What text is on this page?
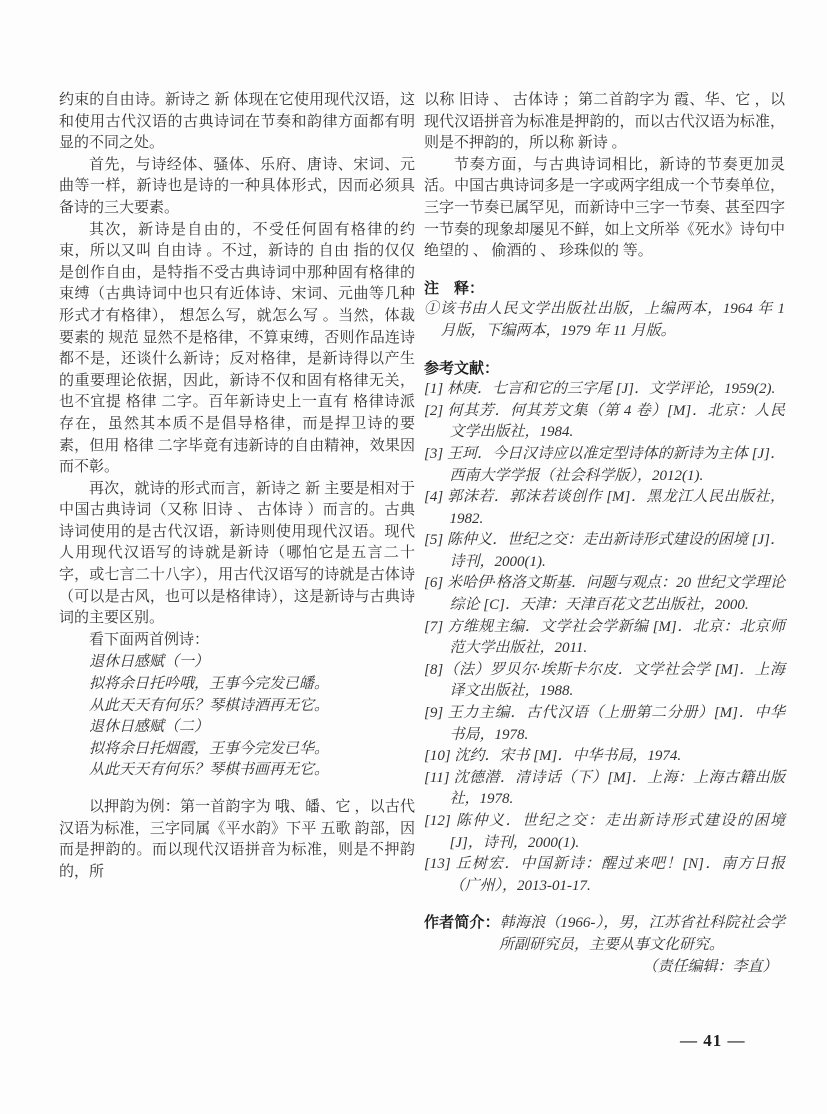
约束的自由诗。新诗之 新 体现在它使用现代汉语，这和使用古代汉语的古典诗词在节奏和韵律方面都有明显的不同之处。

首先，与诗经体、骚体、乐府、唐诗、宋词、元曲等一样，新诗也是诗的一种具体形式，因而必须具备诗的三大要素。

其次，新诗是自由的，不受任何固有格律的约束，所以又叫 自由诗 。不过，新诗的 自由 指的仅仅是创作自由，是特指不受古典诗词中那种固有格律的束缚（古典诗词中也只有近体诗、宋词、元曲等几种形式才有格律）， 想怎么写，就怎么写 。当然，体裁要素的 规范 显然不是格律，不算束缚，否则作品连诗都不是，还谈什么新诗；反对格律，是新诗得以产生的重要理论依据，因此，新诗不仅和固有格律无关，也不宜提 格律 二字。百年新诗史上一直有 格律诗派 存在，虽然其本质不是倡导格律，而是捍卫诗的要素，但用 格律 二字毕竟有违新诗的自由精神，效果因而不彰。

再次，就诗的形式而言，新诗之 新 主要是相对于中国古典诗词（又称 旧诗 、 古体诗 ）而言的。古典诗词使用的是古代汉语，新诗则使用现代汉语。现代人用现代汉语写的诗就是新诗（哪怕它是五言二十字，或七言二十八字），用古代汉语写的诗就是古体诗（可以是古风，也可以是格律诗），这是新诗与古典诗词的主要区别。

看下面两首例诗：

退休日感赋（一）
拟将余日托吟哦，王事今完发已皤。
从此天天有何乐？琴棋诗酒再无它。
退休日感赋（二）
拟将余日托烟霞，王事今完发已华。
从此天天有何乐？琴棋书画再无它。

以押韵为例：第一首韵字为 哦、皤、它 ，以古代汉语为标准，三字同属《平水韵》下平 五歌 韵部，因而是押韵的。而以现代汉语拼音为标准，则是不押韵的，所

以称 旧诗 、 古体诗 ；第二首韵字为 霞、华、它 ，以现代汉语拼音为标准是押韵的，而以古代汉语为标准，则是不押韵的，所以称 新诗 。

节奏方面，与古典诗词相比，新诗的节奏更加灵活。中国古典诗词多是一字或两字组成一个节奏单位，三字一节奏已属罕见，而新诗中三字一节奏、甚至四字一节奏的现象却屡见不鲜，如上文所举《死水》诗句中 绝望的 、 偷酒的 、 珍珠似的 等。

注　释：
①该书由人民文学出版社出版，上编两本，1964 年 1 月版，下编两本，1979 年 11 月版。
参考文献：
[1] 林庚．七言和它的三字尾 [J]．文学评论，1959(2).
[2] 何其芳．何其芳文集（第 4 卷）[M]．北京：人民文学出版社，1984.
[3] 王珂．今日汉诗应以准定型诗体的新诗为主体 [J]．西南大学学报（社会科学版），2012(1).
[4] 郭沫若．郭沫若谈创作 [M]．黑龙江人民出版社，1982.
[5] 陈仲义．世纪之交：走出新诗形式建设的困境 [J]．诗刊，2000(1).
[6] 米哈伊·格洛文斯基．问题与观点：20 世纪文学理论综论 [C]．天津：天津百花文艺出版社，2000.
[7] 方维规主编．文学社会学新编 [M]．北京：北京师范大学出版社，2011.
[8]（法）罗贝尔·埃斯卡尔皮．文学社会学 [M]．上海译文出版社，1988.
[9] 王力主编．古代汉语（上册第二分册）[M]．中华书局，1978.
[10] 沈约．宋书 [M]．中华书局，1974.
[11] 沈德潜．清诗话（下）[M]．上海：上海古籍出版社，1978.
[12] 陈仲义．世纪之交：走出新诗形式建设的困境 [J]，诗刊，2000(1).
[13] 丘树宏．中国新诗：醒过来吧！[N]．南方日报（广州），2013-01-17.
作者简介：韩海浪（1966-），男，江苏省社科院社会学所副研究员，主要从事文化研究。

（责任编辑：李直）

— 41 —
